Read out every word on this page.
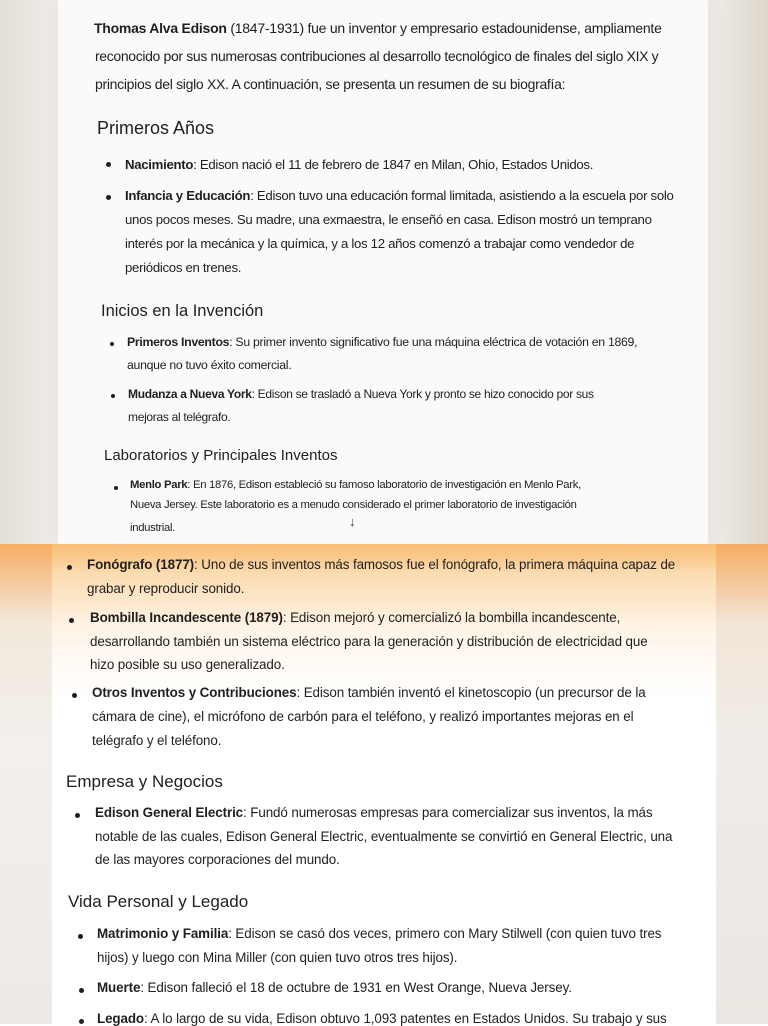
Thomas Alva Edison (1847-1931) fue un inventor y empresario estadounidense, ampliamente
reconocido por sus numerosas contribuciones al desarrollo tecnológico de finales del siglo XIX y
principios del siglo XX. A continuación, se presenta un resumen de su biografía:
Primeros Años
Nacimiento: Edison nació el 11 de febrero de 1847 en Milan, Ohio, Estados Unidos.
Infancia y Educación: Edison tuvo una educación formal limitada, asistiendo a la escuela por solo
unos pocos meses. Su madre, una exmaestra, le enseñó en casa. Edison mostró un temprano
interés por la mecánica y la química, y a los 12 años comenzó a trabajar como vendedor de
periódicos en trenes.
Inicios en la Invención
Primeros Inventos: Su primer invento significativo fue una máquina eléctrica de votación en 1869,
aunque no tuvo éxito comercial.
Mudanza a Nueva York: Edison se trasladó a Nueva York y pronto se hizo conocido por sus
mejoras al telégrafo.
Laboratorios y Principales Inventos
Menlo Park: En 1876, Edison estableció su famoso laboratorio de investigación en Menlo Park,
Nueva Jersey. Este laboratorio es a menudo considerado el primer laboratorio de investigación
industrial.	↓
Fonógrafo (1877): Uno de sus inventos más famosos fue el fonógrafo, la primera máquina capaz de
grabar y reproducir sonido.
Bombilla Incandescente (1879): Edison mejoró y comercializó la bombilla incandescente,
desarrollando también un sistema eléctrico para la generación y distribución de electricidad que
hizo posible su uso generalizado.
Otros Inventos y Contribuciones: Edison también inventó el kinetoscopio (un precursor de la
cámara de cine), el micrófono de carbón para el teléfono, y realizó importantes mejoras en el
telégrafo y el teléfono.
Empresa y Negocios
Edison General Electric: Fundó numerosas empresas para comercializar sus inventos, la más
notable de las cuales, Edison General Electric, eventualmente se convirtió en General Electric, una
de las mayores corporaciones del mundo.
Vida Personal y Legado
Matrimonio y Familia: Edison se casó dos veces, primero con Mary Stilwell (con quien tuvo tres
hijos) y luego con Mina Miller (con quien tuvo otros tres hijos).
Muerte: Edison falleció el 18 de octubre de 1931 en West Orange, Nueva Jersey.
Legado: A lo largo de su vida, Edison obtuvo 1,093 patentes en Estados Unidos. Su trabajo y sus
